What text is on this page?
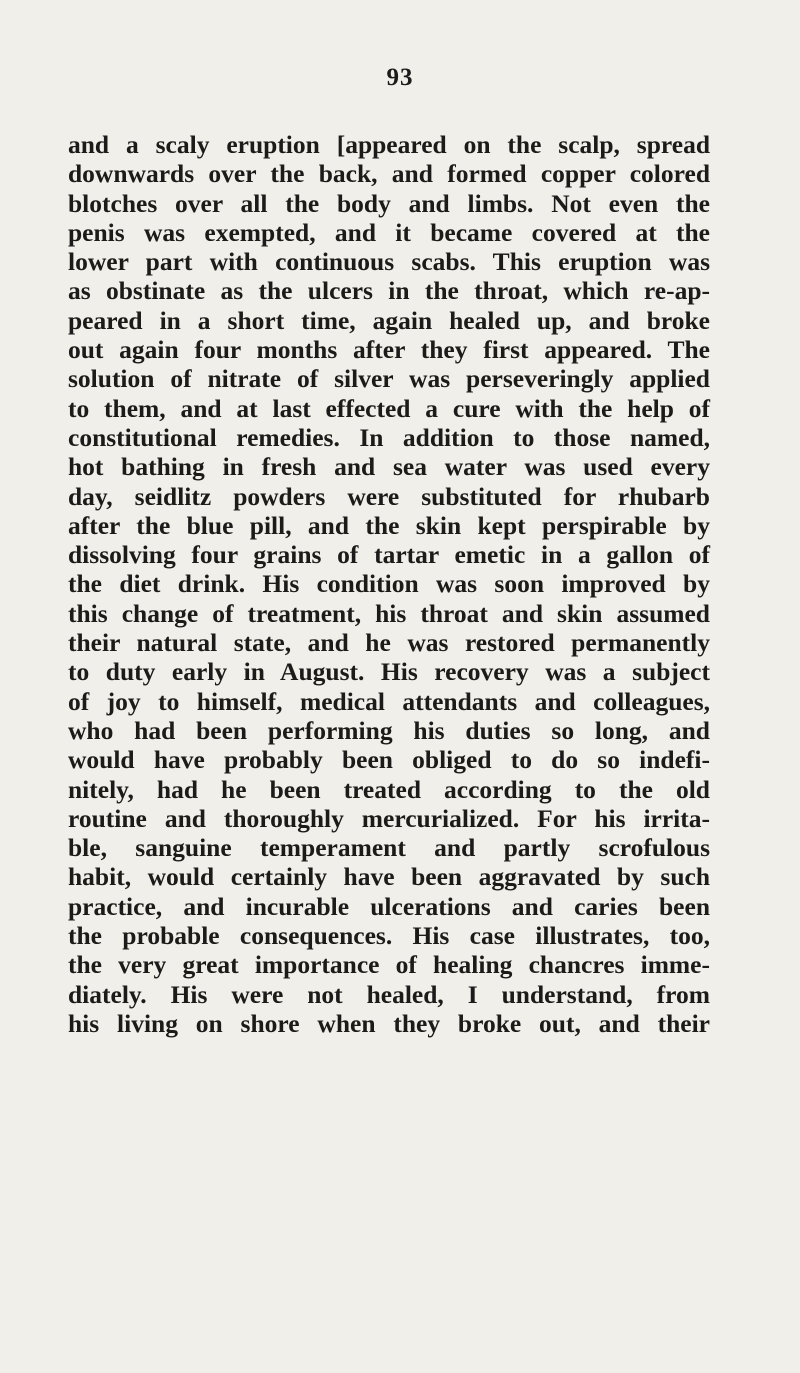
93
and a scaly eruption [appeared on the scalp, spread
downwards over the back, and formed copper colored
blotches over all the body and limbs. Not even the
penis was exempted, and it became covered at the
lower part with continuous scabs. This eruption was
as obstinate as the ulcers in the throat, which re-ap-
peared in a short time, again healed up, and broke
out again four months after they first appeared. The
solution of nitrate of silver was perseveringly applied
to them, and at last effected a cure with the help of
constitutional remedies. In addition to those named,
hot bathing in fresh and sea water was used every
day, seidlitz powders were substituted for rhubarb
after the blue pill, and the skin kept perspirable by
dissolving four grains of tartar emetic in a gallon of
the diet drink. His condition was soon improved by
this change of treatment, his throat and skin assumed
their natural state, and he was restored permanently
to duty early in August. His recovery was a subject
of joy to himself, medical attendants and colleagues,
who had been performing his duties so long, and
would have probably been obliged to do so indefi-
nitely, had he been treated according to the old
routine and thoroughly mercurialized. For his irrita-
ble, sanguine temperament and partly scrofulous
habit, would certainly have been aggravated by such
practice, and incurable ulcerations and caries been
the probable consequences. His case illustrates, too,
the very great importance of healing chancres imme-
diately. His were not healed, I understand, from
his living on shore when they broke out, and their
